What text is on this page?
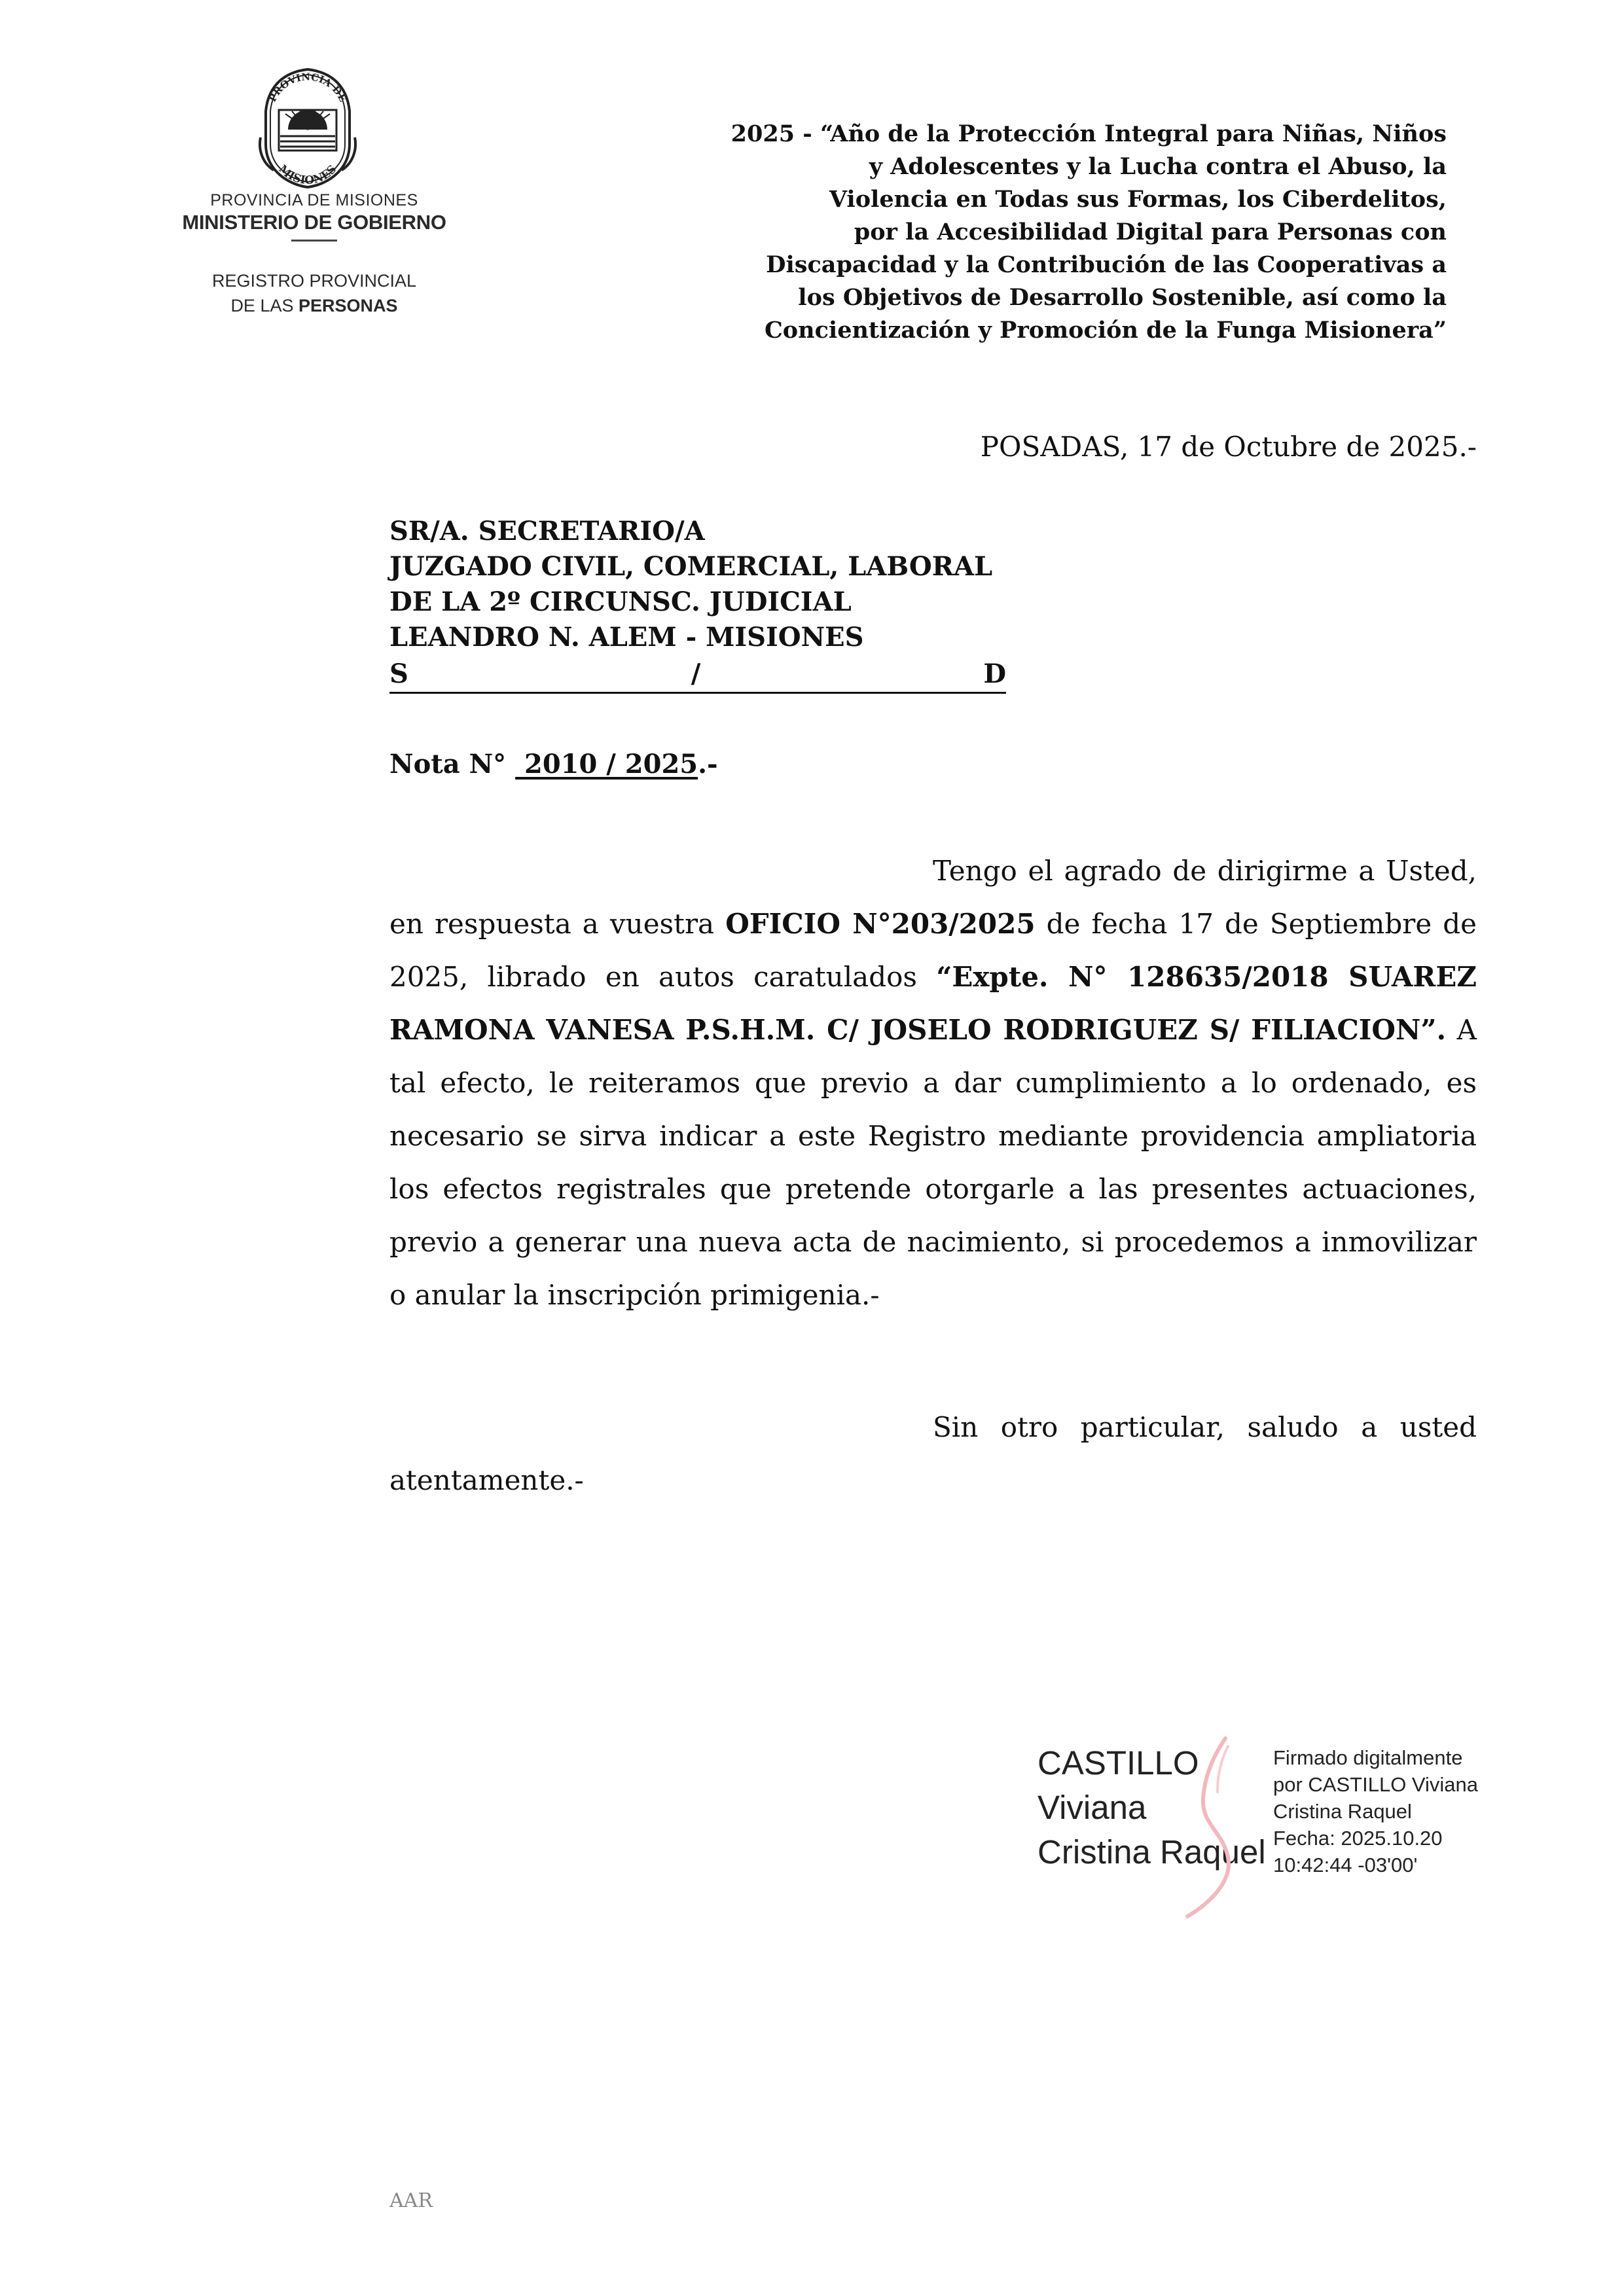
PROVINCIA DE
MISIONES
PROVINCIA DE MISIONES
MINISTERIO DE GOBIERNO
REGISTRO PROVINCIAL
DE LAS PERSONAS
2025 - “Año de la Protección Integral para Niñas, Niños
y Adolescentes y la Lucha contra el Abuso, la
Violencia en Todas sus Formas, los Ciberdelitos,
por la Accesibilidad Digital para Personas con
Discapacidad y la Contribución de las Cooperativas a
los Objetivos de Desarrollo Sostenible, así como la
Concientización y Promoción de la Funga Misionera”
POSADAS, 17 de Octubre de 2025.-
SR/A. SECRETARIO/A
JUZGADO CIVIL, COMERCIAL, LABORAL
DE LA 2º CIRCUNSC. JUDICIAL
LEANDRO N. ALEM - MISIONES
S	/	D
Nota N°  2010 / 2025.-
Tengo el agrado de dirigirme a Usted, en respuesta a vuestra OFICIO N°203/2025 de fecha 17 de Septiembre de 2025, librado en autos caratulados “Expte. N° 128635/2018 SUAREZ RAMONA VANESA P.S.H.M. C/ JOSELO RODRIGUEZ S/ FILIACION”. A tal efecto, le reiteramos que previo a dar cumplimiento a lo ordenado, es necesario se sirva indicar a este Registro mediante providencia ampliatoria los efectos registrales que pretende otorgarle a las presentes actuaciones, previo a generar una nueva acta de nacimiento, si procedemos a inmovilizar o anular la inscripción primigenia.-
Sin otro particular, saludo a usted atentamente.-
CASTILLO
Viviana
Cristina Raquel
Firmado digitalmente
por CASTILLO Viviana
Cristina Raquel
Fecha: 2025.10.20
10:42:44 -03'00'
AAR
